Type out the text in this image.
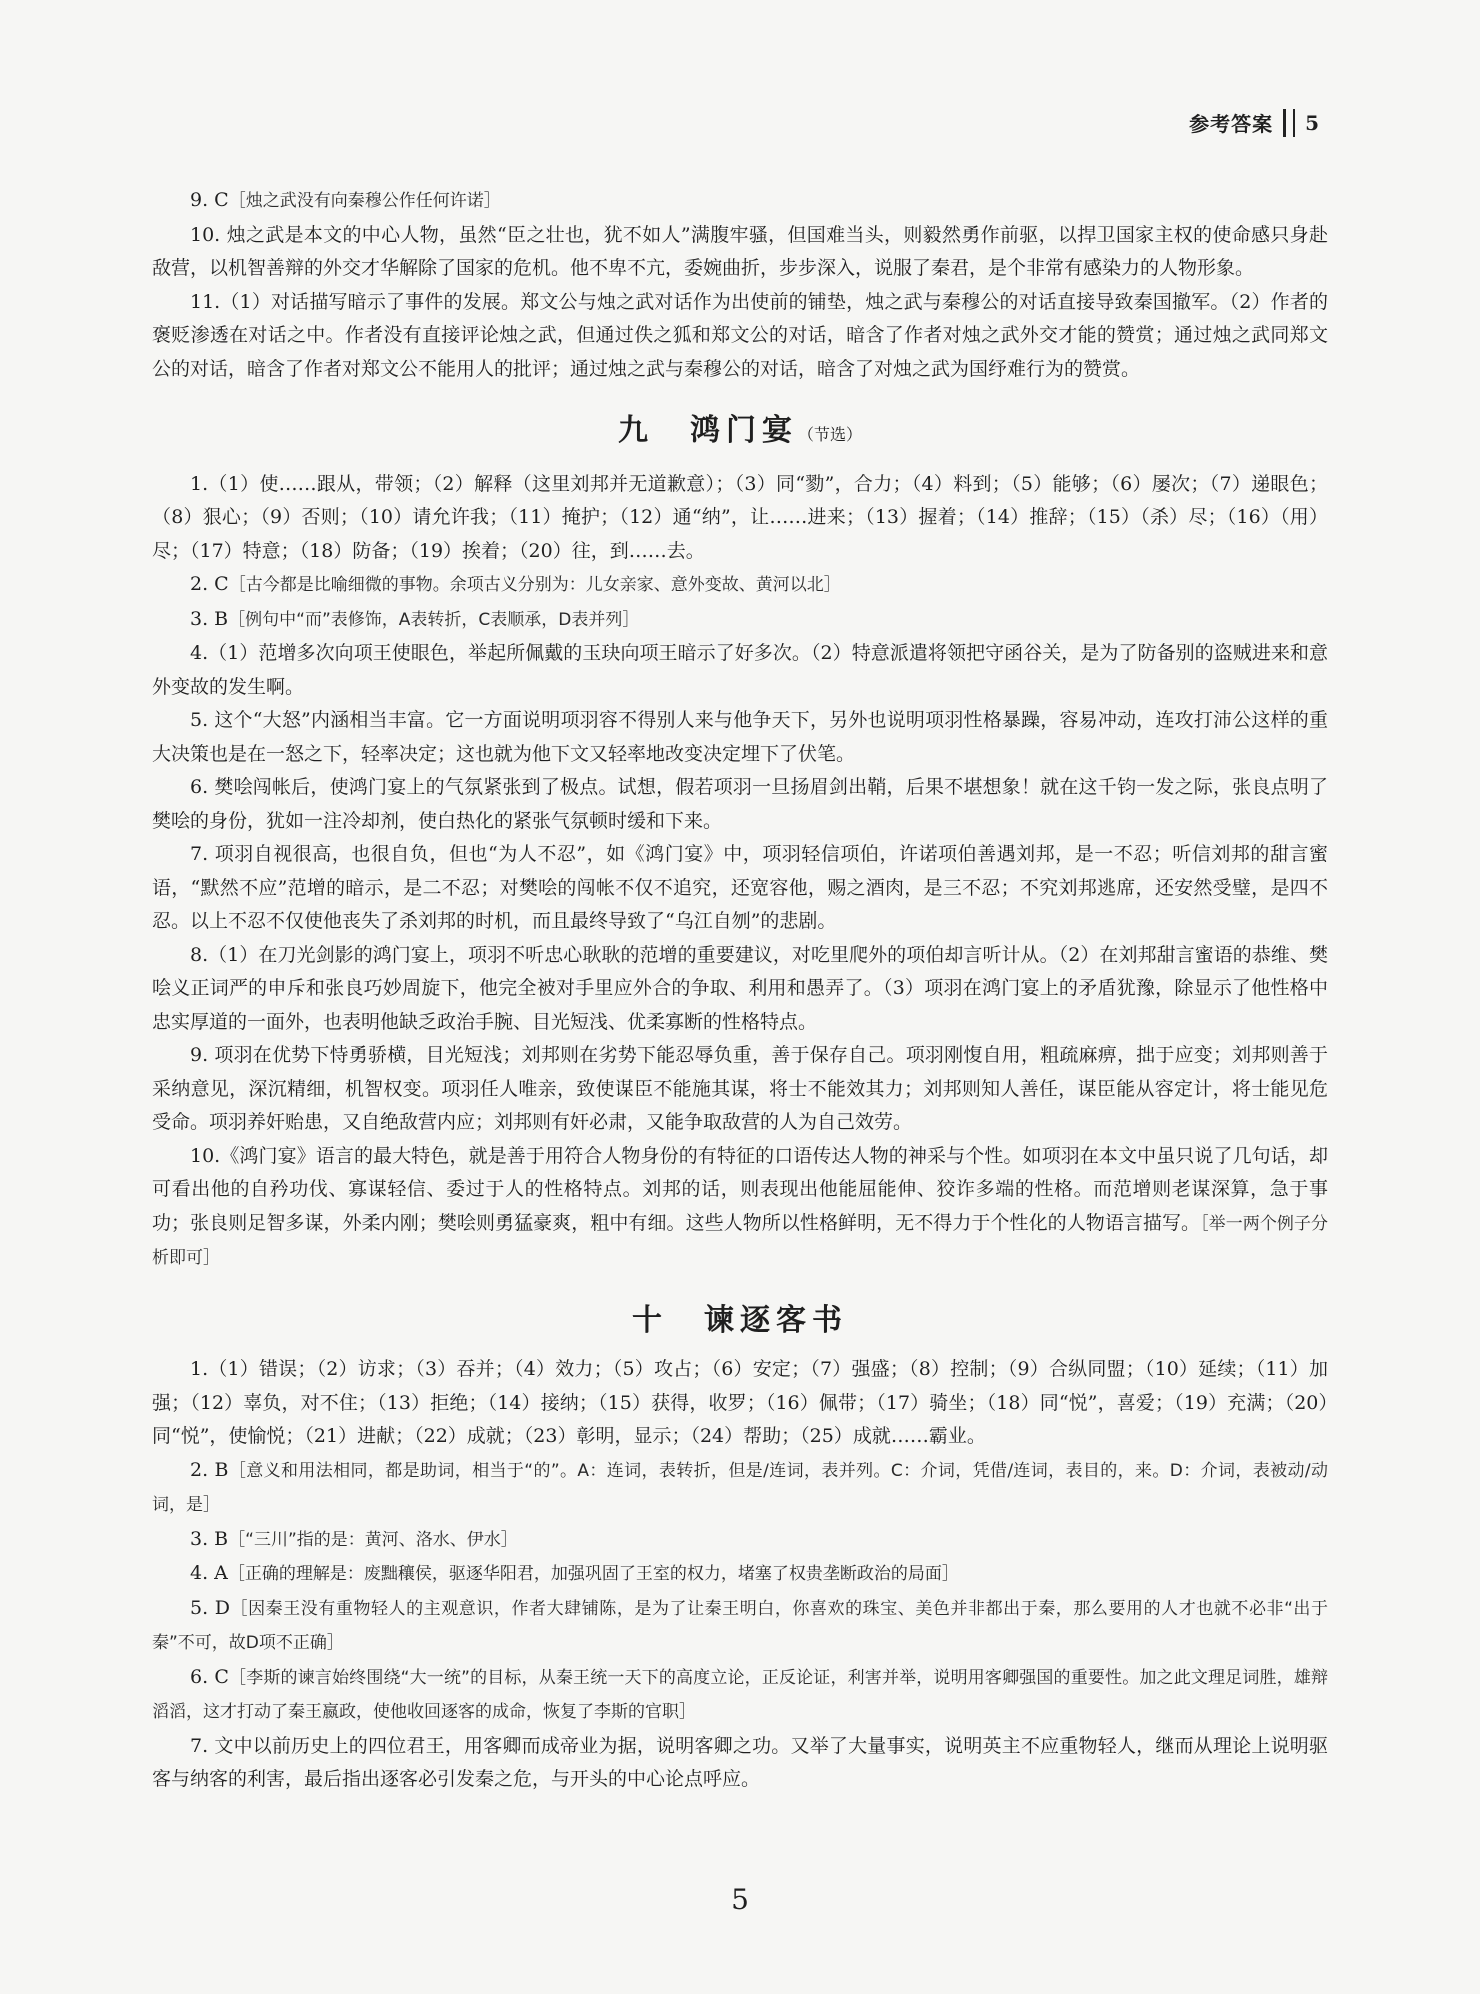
参考答案 5

9. C［烛之武没有向秦穆公作任何许诺］

10. 烛之武是本文的中心人物，虽然“臣之壮也，犹不如人”满腹牢骚，但国难当头，则毅然勇作前驱，以捍卫国家主权的使命感只身赴敌营，以机智善辩的外交才华解除了国家的危机。他不卑不亢，委婉曲折，步步深入，说服了秦君，是个非常有感染力的人物形象。

11.（1）对话描写暗示了事件的发展。郑文公与烛之武对话作为出使前的铺垫，烛之武与秦穆公的对话直接导致秦国撤军。（2）作者的褒贬渗透在对话之中。作者没有直接评论烛之武，但通过佚之狐和郑文公的对话，暗含了作者对烛之武外交才能的赞赏；通过烛之武同郑文公的对话，暗含了作者对郑文公不能用人的批评；通过烛之武与秦穆公的对话，暗含了对烛之武为国纾难行为的赞赏。

九　鸿门宴（节选）

1.（1）使……跟从，带领；（2）解释（这里刘邦并无道歉意）；（3）同“勠”，合力；（4）料到；（5）能够；（6）屡次；（7）递眼色；（8）狠心；（9）否则；（10）请允许我；（11）掩护；（12）通“纳”，让……进来；（13）握着；（14）推辞；（15）（杀）尽；（16）（用）尽；（17）特意；（18）防备；（19）挨着；（20）往，到……去。

2. C［古今都是比喻细微的事物。余项古义分别为：儿女亲家、意外变故、黄河以北］

3. B［例句中“而”表修饰，A表转折，C表顺承，D表并列］

4.（1）范增多次向项王使眼色，举起所佩戴的玉玦向项王暗示了好多次。（2）特意派遣将领把守函谷关，是为了防备别的盗贼进来和意外变故的发生啊。

5. 这个“大怒”内涵相当丰富。它一方面说明项羽容不得别人来与他争天下，另外也说明项羽性格暴躁，容易冲动，连攻打沛公这样的重大决策也是在一怒之下，轻率决定；这也就为他下文又轻率地改变决定埋下了伏笔。

6. 樊哙闯帐后，使鸿门宴上的气氛紧张到了极点。试想，假若项羽一旦扬眉剑出鞘，后果不堪想象！就在这千钧一发之际，张良点明了樊哙的身份，犹如一注冷却剂，使白热化的紧张气氛顿时缓和下来。

7. 项羽自视很高，也很自负，但也“为人不忍”，如《鸿门宴》中，项羽轻信项伯，许诺项伯善遇刘邦，是一不忍；听信刘邦的甜言蜜语，“默然不应”范增的暗示，是二不忍；对樊哙的闯帐不仅不追究，还宽容他，赐之酒肉，是三不忍；不究刘邦逃席，还安然受璧，是四不忍。以上不忍不仅使他丧失了杀刘邦的时机，而且最终导致了“乌江自刎”的悲剧。

8.（1）在刀光剑影的鸿门宴上，项羽不听忠心耿耿的范增的重要建议，对吃里爬外的项伯却言听计从。（2）在刘邦甜言蜜语的恭维、樊哙义正词严的申斥和张良巧妙周旋下，他完全被对手里应外合的争取、利用和愚弄了。（3）项羽在鸿门宴上的矛盾犹豫，除显示了他性格中忠实厚道的一面外，也表明他缺乏政治手腕、目光短浅、优柔寡断的性格特点。

9. 项羽在优势下恃勇骄横，目光短浅；刘邦则在劣势下能忍辱负重，善于保存自己。项羽刚愎自用，粗疏麻痹，拙于应变；刘邦则善于采纳意见，深沉精细，机智权变。项羽任人唯亲，致使谋臣不能施其谋，将士不能效其力；刘邦则知人善任，谋臣能从容定计，将士能见危受命。项羽养奸贻患，又自绝敌营内应；刘邦则有奸必肃，又能争取敌营的人为自己效劳。

10.《鸿门宴》语言的最大特色，就是善于用符合人物身份的有特征的口语传达人物的神采与个性。如项羽在本文中虽只说了几句话，却可看出他的自矜功伐、寡谋轻信、委过于人的性格特点。刘邦的话，则表现出他能屈能伸、狡诈多端的性格。而范增则老谋深算，急于事功；张良则足智多谋，外柔内刚；樊哙则勇猛豪爽，粗中有细。这些人物所以性格鲜明，无不得力于个性化的人物语言描写。［举一两个例子分析即可］

十　谏逐客书

1.（1）错误；（2）访求；（3）吞并；（4）效力；（5）攻占；（6）安定；（7）强盛；（8）控制；（9）合纵同盟；（10）延续；（11）加强；（12）辜负，对不住；（13）拒绝；（14）接纳；（15）获得，收罗；（16）佩带；（17）骑坐；（18）同“悦”，喜爱；（19）充满；（20）同“悦”，使愉悦；（21）进献；（22）成就；（23）彰明，显示；（24）帮助；（25）成就……霸业。

2. B［意义和用法相同，都是助词，相当于“的”。A：连词，表转折，但是/连词，表并列。C：介词，凭借/连词，表目的，来。D：介词，表被动/动词，是］

3. B［“三川”指的是：黄河、洛水、伊水］

4. A［正确的理解是：废黜穰侯，驱逐华阳君，加强巩固了王室的权力，堵塞了权贵垄断政治的局面］

5. D［因秦王没有重物轻人的主观意识，作者大肆铺陈，是为了让秦王明白，你喜欢的珠宝、美色并非都出于秦，那么要用的人才也就不必非“出于秦”不可，故D项不正确］

6. C［李斯的谏言始终围绕“大一统”的目标，从秦王统一天下的高度立论，正反论证，利害并举，说明用客卿强国的重要性。加之此文理足词胜，雄辩滔滔，这才打动了秦王嬴政，使他收回逐客的成命，恢复了李斯的官职］

7. 文中以前历史上的四位君王，用客卿而成帝业为据，说明客卿之功。又举了大量事实，说明英主不应重物轻人，继而从理论上说明驱客与纳客的利害，最后指出逐客必引发秦之危，与开头的中心论点呼应。

5
